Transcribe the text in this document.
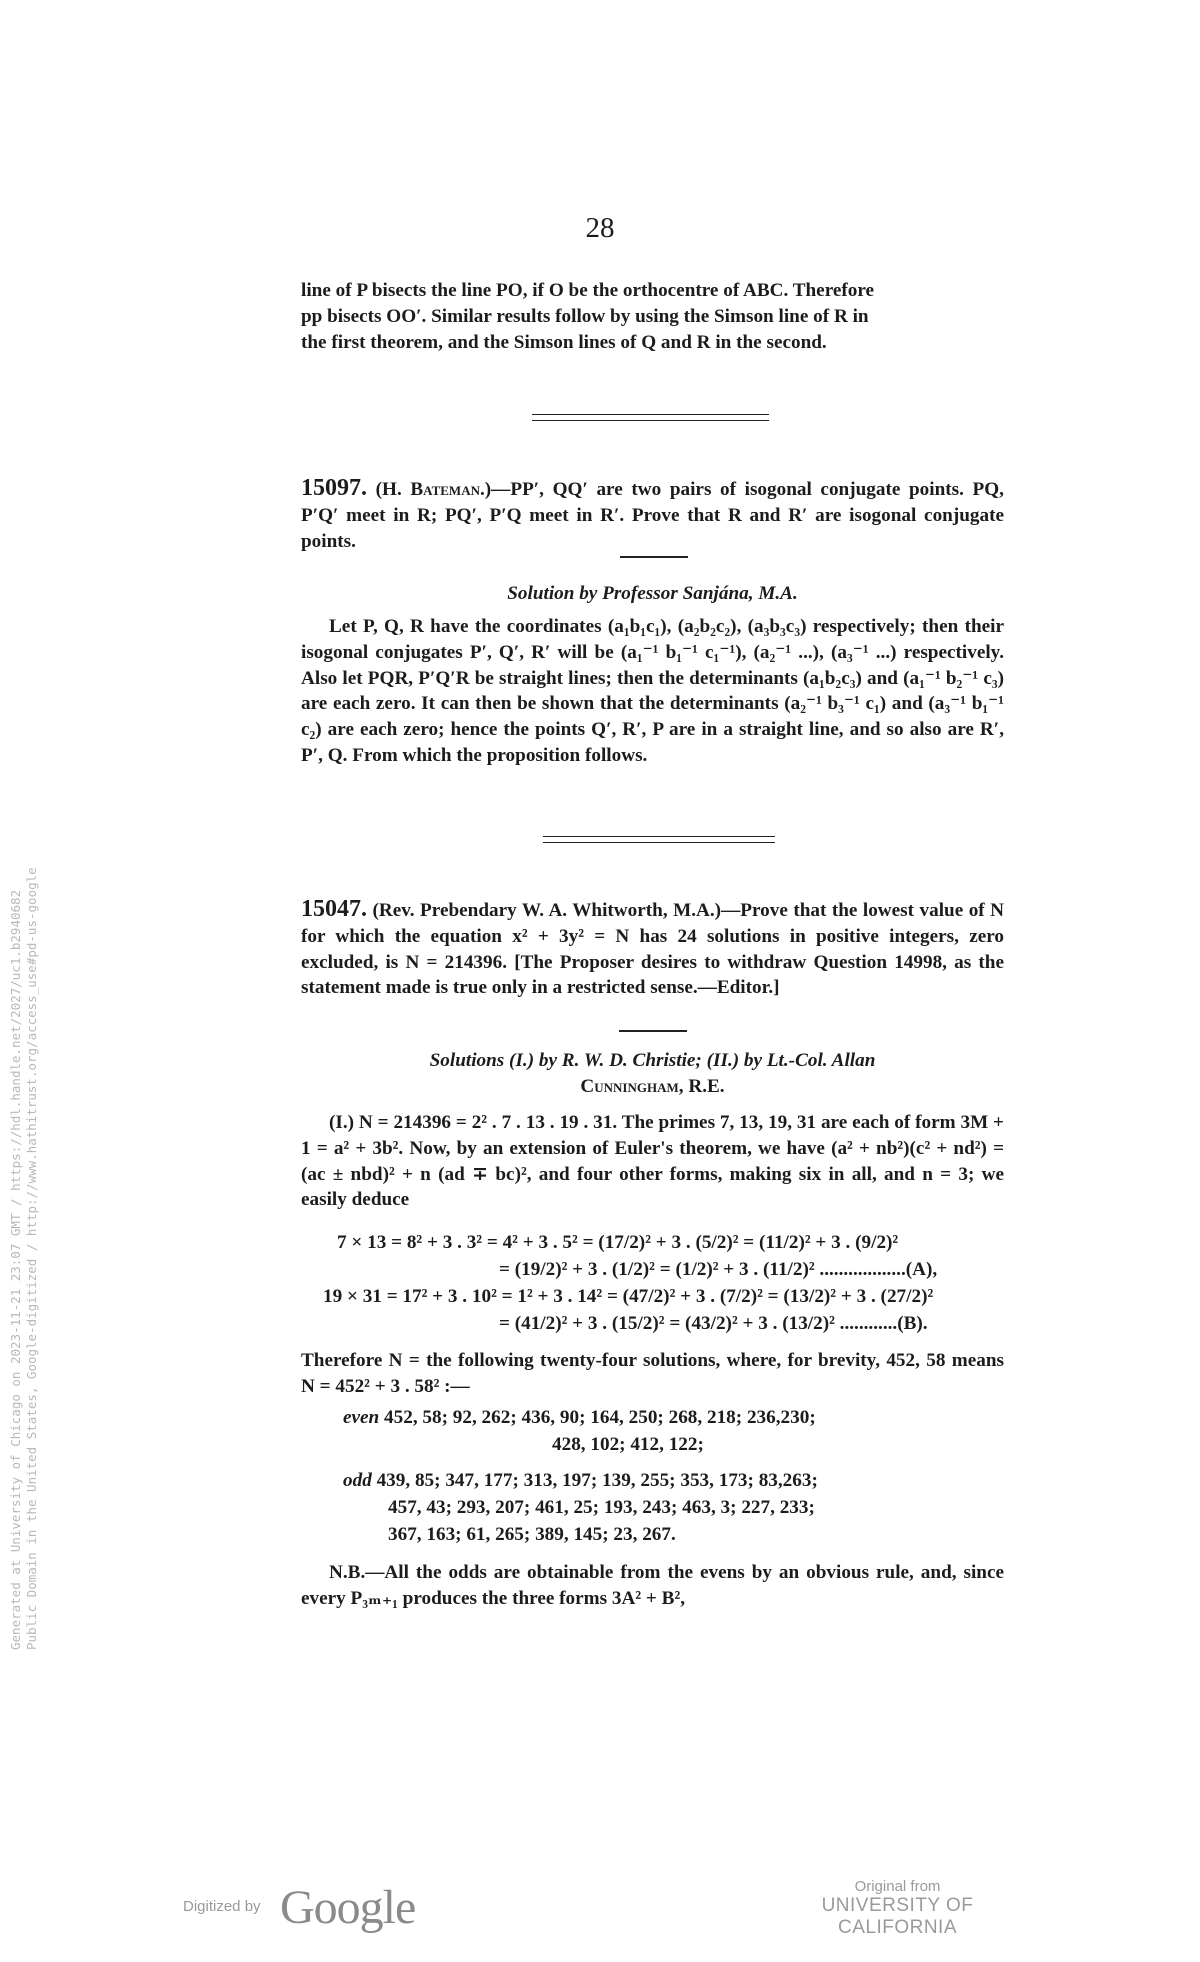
28
line of P bisects the line PO, if O be the orthocentre of ABC. Therefore
pp bisects OO′. Similar results follow by using the Simson line of R in
the first theorem, and the Simson lines of Q and R in the second.

15097. (H. Bateman.)—PP′, QQ′ are two pairs of isogonal conjugate points. PQ, P′Q′ meet in R; PQ′, P′Q meet in R′. Prove that R and R′ are isogonal conjugate points.

Solution by Professor Sanjána, M.A.

Let P, Q, R have the coordinates (a₁b₁c₁), (a₂b₂c₂), (a₃b₃c₃) respectively; then their isogonal conjugates P′, Q′, R′ will be (a₁⁻¹ b₁⁻¹ c₁⁻¹), (a₂⁻¹ ...), (a₃⁻¹ ...) respectively. Also let PQR, P′Q′R be straight lines; then the determinants (a₁b₂c₃) and (a₁⁻¹ b₂⁻¹ c₃) are each zero. It can then be shown that the determinants (a₂⁻¹ b₃⁻¹ c₁) and (a₃⁻¹ b₁⁻¹ c₂) are each zero; hence the points Q′, R′, P are in a straight line, and so also are R′, P′, Q. From which the proposition follows.

15047. (Rev. Prebendary W. A. Whitworth, M.A.)—Prove that the lowest value of N for which the equation x² + 3y² = N has 24 solutions in positive integers, zero excluded, is N = 214396. [The Proposer desires to withdraw Question 14998, as the statement made is true only in a restricted sense.—Editor.]

Solutions (I.) by R. W. D. Christie; (II.) by Lt.-Col. Allan
Cunningham, R.E.

(I.) N = 214396 = 2² . 7 . 13 . 19 . 31. The primes 7, 13, 19, 31 are each of form 3M + 1 = a² + 3b². Now, by an extension of Euler's theorem, we have (a² + nb²)(c² + nd²) = (ac ± nbd)² + n (ad ∓ bc)², and four other forms, making six in all, and n = 3; we easily deduce

7 × 13 = 8² + 3 . 3² = 4² + 3 . 5² = (17/2)² + 3 . (5/2)² = (11/2)² + 3 . (9/2)²
= (19/2)² + 3 . (1/2)² = (1/2)² + 3 . (11/2)² ..................(A),
19 × 31 = 17² + 3 . 10² = 1² + 3 . 14² = (47/2)² + 3 . (7/2)² = (13/2)² + 3 . (27/2)²
= (41/2)² + 3 . (15/2)² = (43/2)² + 3 . (13/2)² ............(B).

Therefore N = the following twenty-four solutions, where, for brevity, 452, 58 means N = 452² + 3 . 58² :—

even 452, 58; 92, 262; 436, 90; 164, 250; 268, 218; 236,230;
428, 102; 412, 122;
odd 439, 85; 347, 177; 313, 197; 139, 255; 353, 173; 83,263;
457, 43; 293, 207; 461, 25; 193, 243; 463, 3; 227, 233;
367, 163; 61, 265; 389, 145; 23, 267.

N.B.—All the odds are obtainable from the evens by an obvious rule, and, since every P₃ₘ₊₁ produces the three forms 3A² + B²,

Generated at University of Chicago on 2023-11-21 23:07 GMT / https://hdl.handle.net/2027/uc1.b2940682 Public Domain in the United States, Google-digitized / http://www.hathitrust.org/access_use#pd-us-google
Digitized by Google	Original from
UNIVERSITY OF CALIFORNIA
